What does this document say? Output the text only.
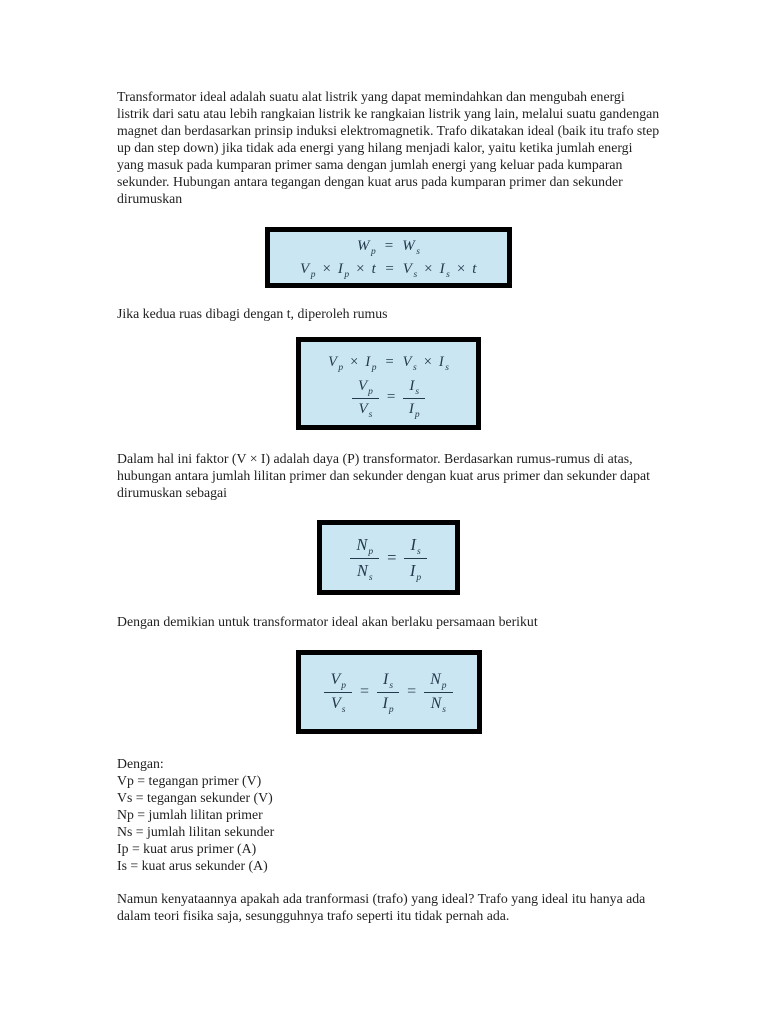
Transformator ideal adalah suatu alat listrik yang dapat memindahkan dan mengubah energi listrik dari satu atau lebih rangkaian listrik ke rangkaian listrik yang lain, melalui suatu gandengan magnet dan berdasarkan prinsip induksi elektromagnetik. Trafo dikatakan ideal (baik itu trafo step up dan step down) jika tidak ada energi yang hilang menjadi kalor, yaitu ketika jumlah energi yang masuk pada kumparan primer sama dengan jumlah energi yang keluar pada kumparan sekunder. Hubungan antara tegangan dengan kuat arus pada kumparan primer dan sekunder dirumuskan

$W_p = W_s$
$V_p \times I_p \times t = V_s \times I_s \times t$

Jika kedua ruas dibagi dengan t, diperoleh rumus

$V_p \times I_p = V_s \times I_s$
$\frac{V_p}{V_s} = \frac{I_s}{I_p}$

Dalam hal ini faktor (V × I) adalah daya (P) transformator. Berdasarkan rumus-rumus di atas, hubungan antara jumlah lilitan primer dan sekunder dengan kuat arus primer dan sekunder dapat dirumuskan sebagai

$\frac{N_p}{N_s} = \frac{I_s}{I_p}$

Dengan demikian untuk transformator ideal akan berlaku persamaan berikut

$\frac{V_p}{V_s} = \frac{I_s}{I_p} = \frac{N_p}{N_s}$
Dengan:
Vp = tegangan primer (V)
Vs = tegangan sekunder (V)
Np = jumlah lilitan primer
Ns = jumlah lilitan sekunder
Ip = kuat arus primer (A)
Is = kuat arus sekunder (A)

Namun kenyataannya apakah ada tranformasi (trafo) yang ideal? Trafo yang ideal itu hanya ada dalam teori fisika saja, sesungguhnya trafo seperti itu tidak pernah ada.
